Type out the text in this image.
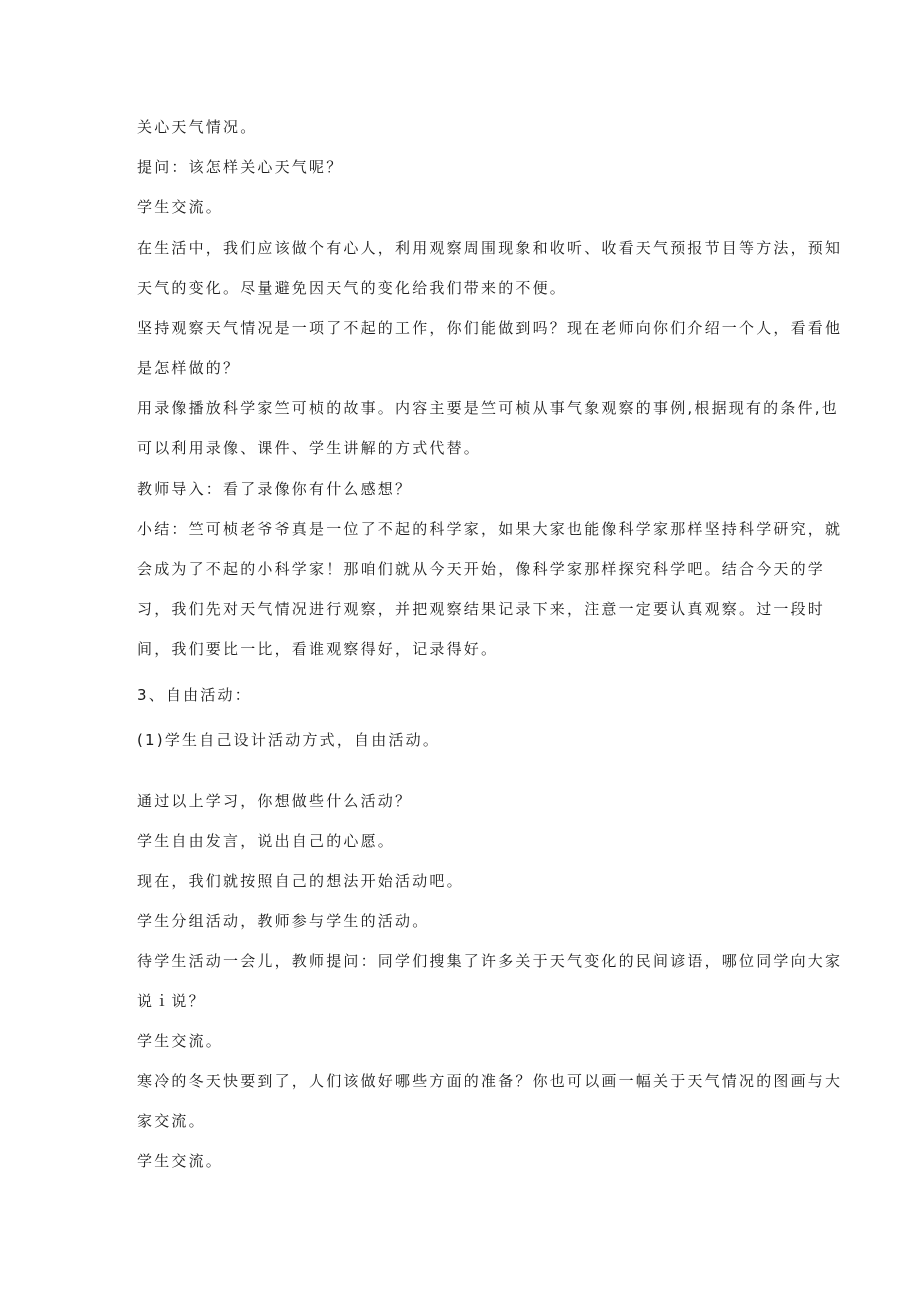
关心天气情况。
提问：该怎样关心天气呢？
学生交流。
在生活中，我们应该做个有心人，利用观察周围现象和收听、收看天气预报节目等方法，预知
天气的变化。尽量避免因天气的变化给我们带来的不便。
坚持观察天气情况是一项了不起的工作，你们能做到吗？现在老师向你们介绍一个人，看看他
是怎样做的？
用录像播放科学家竺可桢的故事。内容主要是竺可桢从事气象观察的事例,根据现有的条件,也
可以利用录像、课件、学生讲解的方式代替。
教师导入：看了录像你有什么感想？
小结：竺可桢老爷爷真是一位了不起的科学家，如果大家也能像科学家那样坚持科学研究，就
会成为了不起的小科学家！那咱们就从今天开始，像科学家那样探究科学吧。结合今天的学
习，我们先对天气情况进行观察，并把观察结果记录下来，注意一定要认真观察。过一段时
间，我们要比一比，看谁观察得好，记录得好。
3、自由活动：
(1)学生自己设计活动方式，自由活动。
通过以上学习，你想做些什么活动？
学生自由发言，说出自己的心愿。
现在，我们就按照自己的想法开始活动吧。
学生分组活动，教师参与学生的活动。
待学生活动一会儿，教师提问：同学们搜集了许多关于天气变化的民间谚语，哪位同学向大家
说ｉ说？
学生交流。
寒冷的冬天快要到了，人们该做好哪些方面的准备？你也可以画一幅关于天气情况的图画与大
家交流。
学生交流。
